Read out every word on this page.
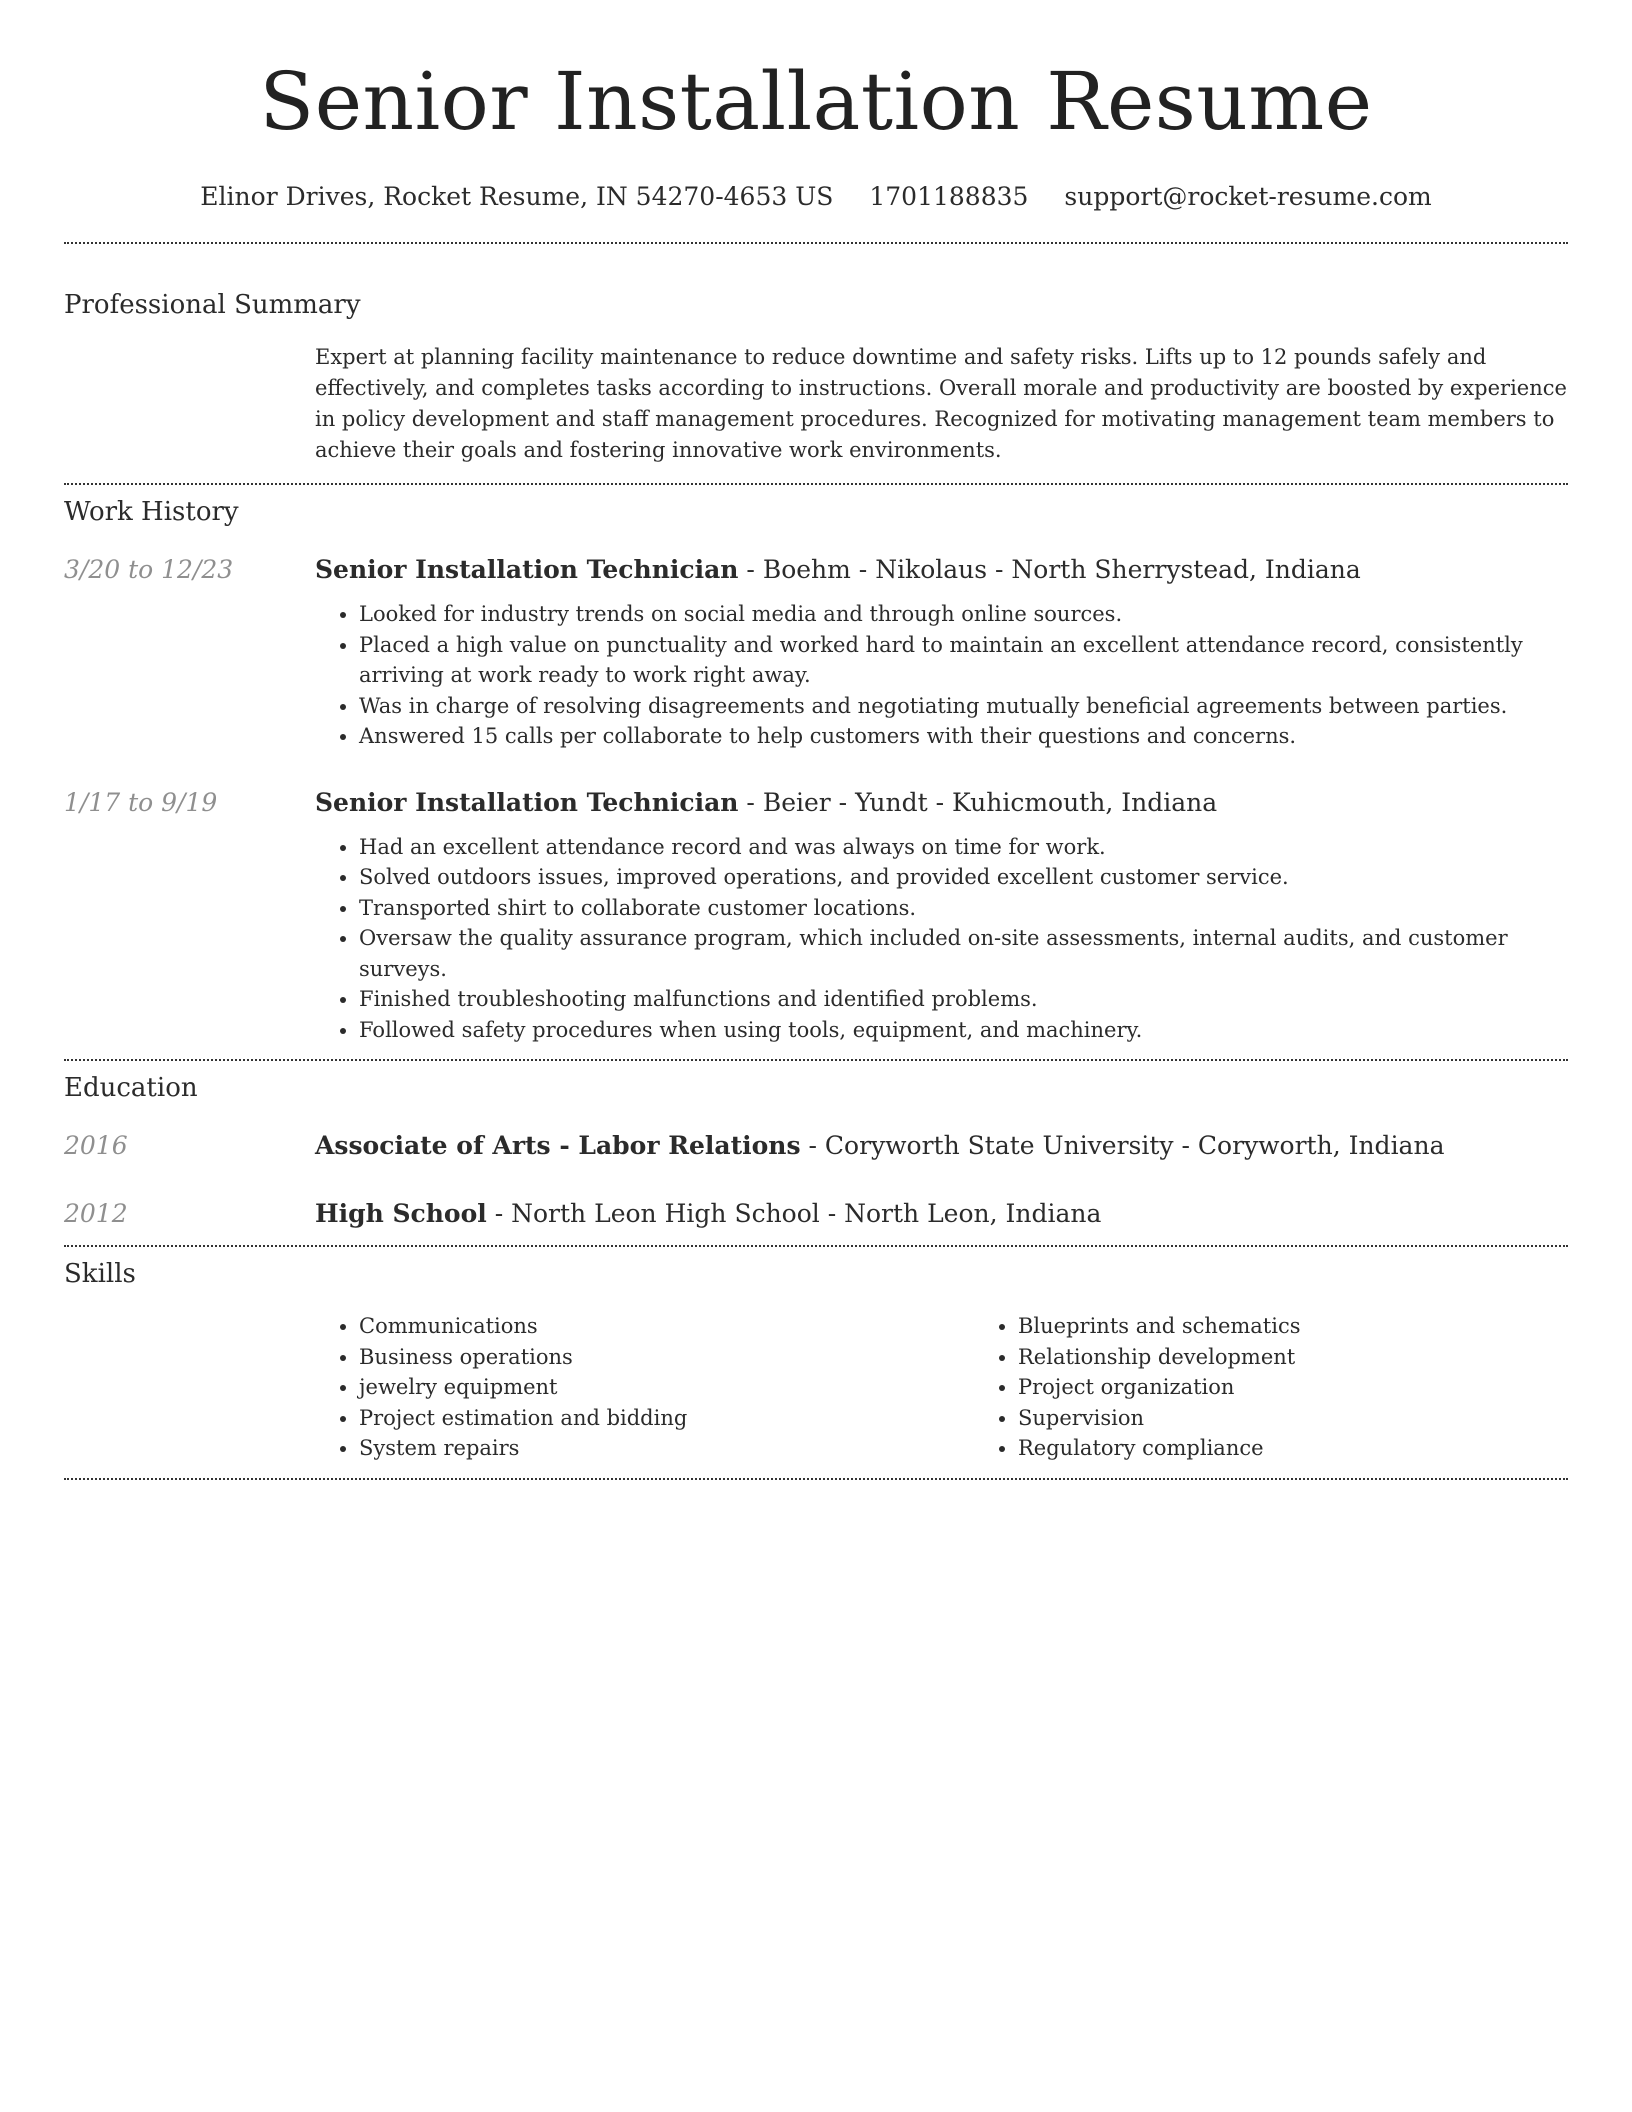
Senior Installation Resume
Elinor Drives, Rocket Resume, IN 54270-4653 US 1701188835 support@rocket-resume.com
Professional Summary
Expert at planning facility maintenance to reduce downtime and safety risks. Lifts up to 12 pounds safely and effectively, and completes tasks according to instructions. Overall morale and productivity are boosted by experience in policy development and staff management procedures. Recognized for motivating management team members to achieve their goals and fostering innovative work environments.
Work History
3/20 to 12/23	Senior Installation Technician - Boehm - Nikolaus - North Sherrystead, Indiana
• Looked for industry trends on social media and through online sources.
• Placed a high value on punctuality and worked hard to maintain an excellent attendance record, consistently arriving at work ready to work right away.
• Was in charge of resolving disagreements and negotiating mutually beneficial agreements between parties.
• Answered 15 calls per collaborate to help customers with their questions and concerns.
1/17 to 9/19	Senior Installation Technician - Beier - Yundt - Kuhicmouth, Indiana
• Had an excellent attendance record and was always on time for work.
• Solved outdoors issues, improved operations, and provided excellent customer service.
• Transported shirt to collaborate customer locations.
• Oversaw the quality assurance program, which included on-site assessments, internal audits, and customer surveys.
• Finished troubleshooting malfunctions and identified problems.
• Followed safety procedures when using tools, equipment, and machinery.
Education
2016	Associate of Arts - Labor Relations - Coryworth State University - Coryworth, Indiana
2012	High School - North Leon High School - North Leon, Indiana
Skills
• Communications
• Business operations
• jewelry equipment
• Project estimation and bidding
• System repairs
• Blueprints and schematics
• Relationship development
• Project organization
• Supervision
• Regulatory compliance
